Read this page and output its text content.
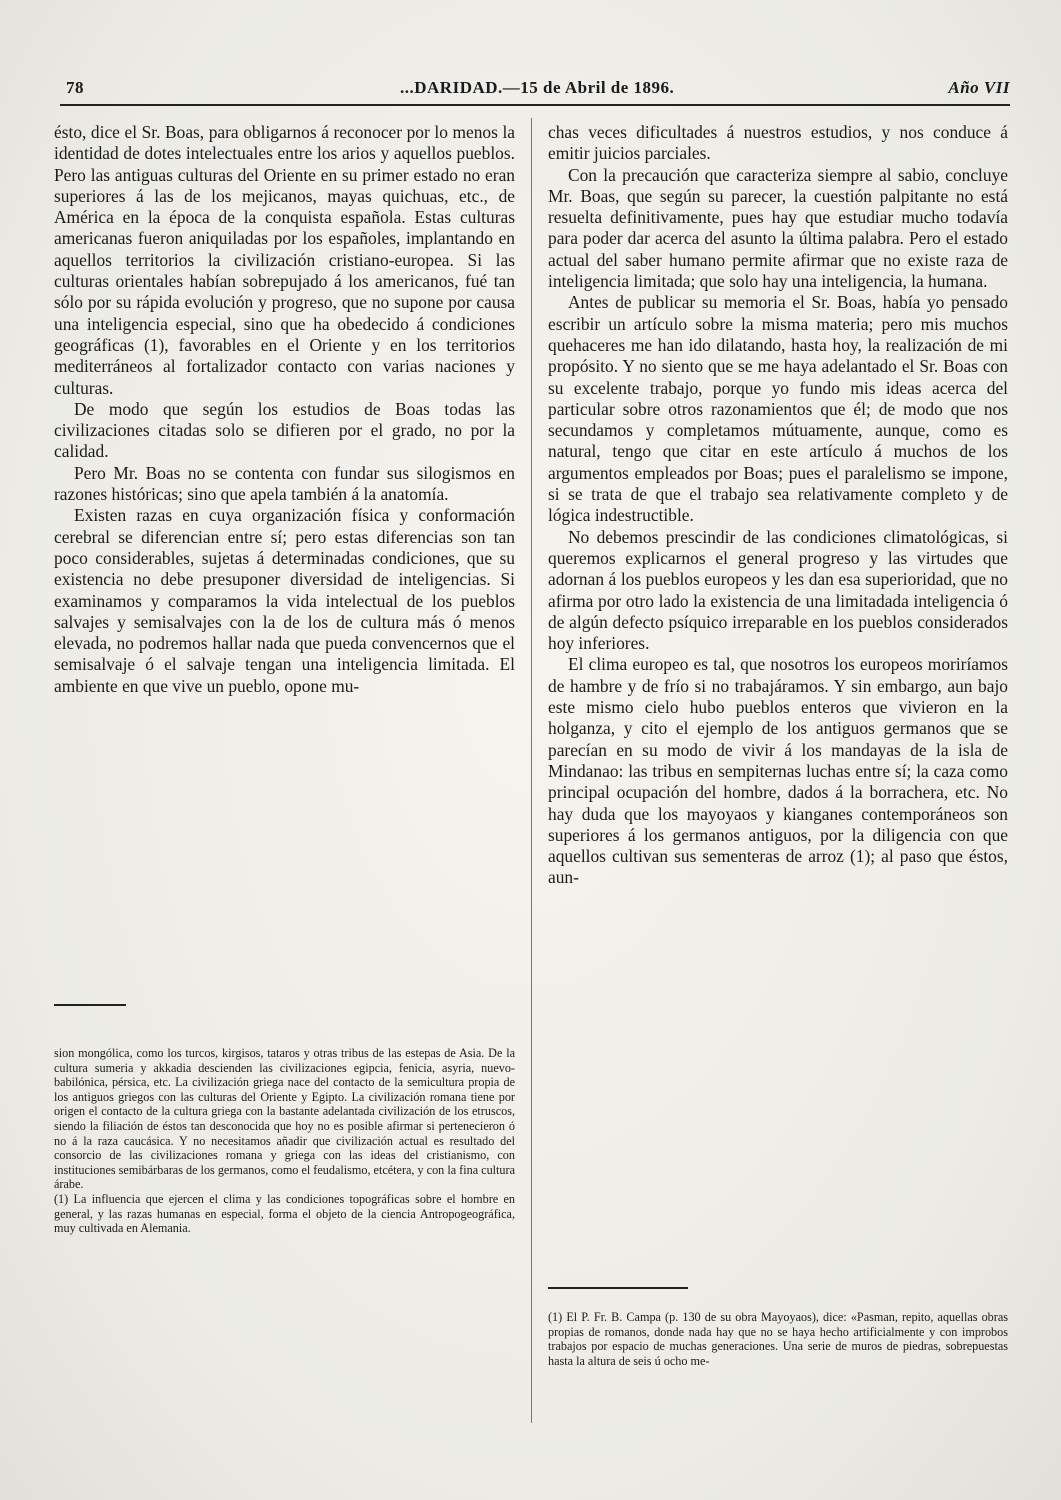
78	...DARIDAD.—15 de Abril de 1896.	Año VII

ésto, dice el Sr. Boas, para obligarnos á reconocer por lo menos la identidad de dotes intelectuales entre los arios y aquellos pueblos. Pero las antiguas culturas del Oriente en su primer estado no eran superiores á las de los mejicanos, mayas quichuas, etc., de América en la época de la conquista española. Estas culturas americanas fueron aniquiladas por los españoles, implantando en aquellos territorios la civilización cristiano-europea. Si las culturas orientales habían sobrepujado á los americanos, fué tan sólo por su rápida evolución y progreso, que no supone por causa una inteligencia especial, sino que ha obedecido á condiciones geográficas (1), favorables en el Oriente y en los territorios mediterráneos al fortalizador contacto con varias naciones y culturas.

De modo que según los estudios de Boas todas las civilizaciones citadas solo se difieren por el grado, no por la calidad.

Pero Mr. Boas no se contenta con fundar sus silogismos en razones históricas; sino que apela también á la anatomía.

Existen razas en cuya organización física y conformación cerebral se diferencian entre sí; pero estas diferencias son tan poco considerables, sujetas á determinadas condiciones, que su existencia no debe presuponer diversidad de inteligencias. Si examinamos y comparamos la vida intelectual de los pueblos salvajes y semisalvajes con la de los de cultura más ó menos elevada, no podremos hallar nada que pueda convencernos que el semisalvaje ó el salvaje tengan una inteligencia limitada. El ambiente en que vive un pueblo, opone mu-

chas veces dificultades á nuestros estudios, y nos conduce á emitir juicios parciales.

Con la precaución que caracteriza siempre al sabio, concluye Mr. Boas, que según su parecer, la cuestión palpitante no está resuelta definitivamente, pues hay que estudiar mucho todavía para poder dar acerca del asunto la última palabra. Pero el estado actual del saber humano permite afirmar que no existe raza de inteligencia limitada; que solo hay una inteligencia, la humana.

Antes de publicar su memoria el Sr. Boas, había yo pensado escribir un artículo sobre la misma materia; pero mis muchos quehaceres me han ido dilatando, hasta hoy, la realización de mi propósito. Y no siento que se me haya adelantado el Sr. Boas con su excelente trabajo, porque yo fundo mis ideas acerca del particular sobre otros razonamientos que él; de modo que nos secundamos y completamos mútuamente, aunque, como es natural, tengo que citar en este artículo á muchos de los argumentos empleados por Boas; pues el paralelismo se impone, si se trata de que el trabajo sea relativamente completo y de lógica indestructible.

No debemos prescindir de las condiciones climatológicas, si queremos explicarnos el general progreso y las virtudes que adornan á los pueblos europeos y les dan esa superioridad, que no afirma por otro lado la existencia de una limitadada inteligencia ó de algún defecto psíquico irreparable en los pueblos considerados hoy inferiores.

El clima europeo es tal, que nosotros los europeos moriríamos de hambre y de frío si no trabajáramos. Y sin embargo, aun bajo este mismo cielo hubo pueblos enteros que vivieron en la holganza, y cito el ejemplo de los antiguos germanos que se parecían en su modo de vivir á los mandayas de la isla de Mindanao: las tribus en sempiternas luchas entre sí; la caza como principal ocupación del hombre, dados á la borrachera, etc. No hay duda que los mayoyaos y kianganes contemporáneos son superiores á los germanos antiguos, por la diligencia con que aquellos cultivan sus sementeras de arroz (1); al paso que éstos, aun-

sion mongólica, como los turcos, kirgisos, tataros y otras tribus de las estepas de Asia. De la cultura sumeria y akkadia descienden las civilizaciones egipcia, fenicia, asyria, nuevo-babilónica, pérsica, etc. La civilización griega nace del contacto de la semicultura propia de los antiguos griegos con las culturas del Oriente y Egipto. La civilización romana tiene por origen el contacto de la cultura griega con la bastante adelantada civilización de los etruscos, siendo la filiación de éstos tan desconocida que hoy no es posible afirmar si pertenecieron ó no á la raza caucásica. Y no necesitamos añadir que civilización actual es resultado del consorcio de las civilizaciones romana y griega con las ideas del cristianismo, con instituciones semibárbaras de los germanos, como el feudalismo, etcétera, y con la fina cultura árabe.

(1) La influencia que ejercen el clima y las condiciones topográficas sobre el hombre en general, y las razas humanas en especial, forma el objeto de la ciencia Antropogeográfica, muy cultivada en Alemania.

(1) El P. Fr. B. Campa (p. 130 de su obra Mayoyaos), dice: «Pasman, repito, aquellas obras propias de romanos, donde nada hay que no se haya hecho artificialmente y con improbos trabajos por espacio de muchas generaciones. Una serie de muros de piedras, sobrepuestas hasta la altura de seis ú ocho me-
